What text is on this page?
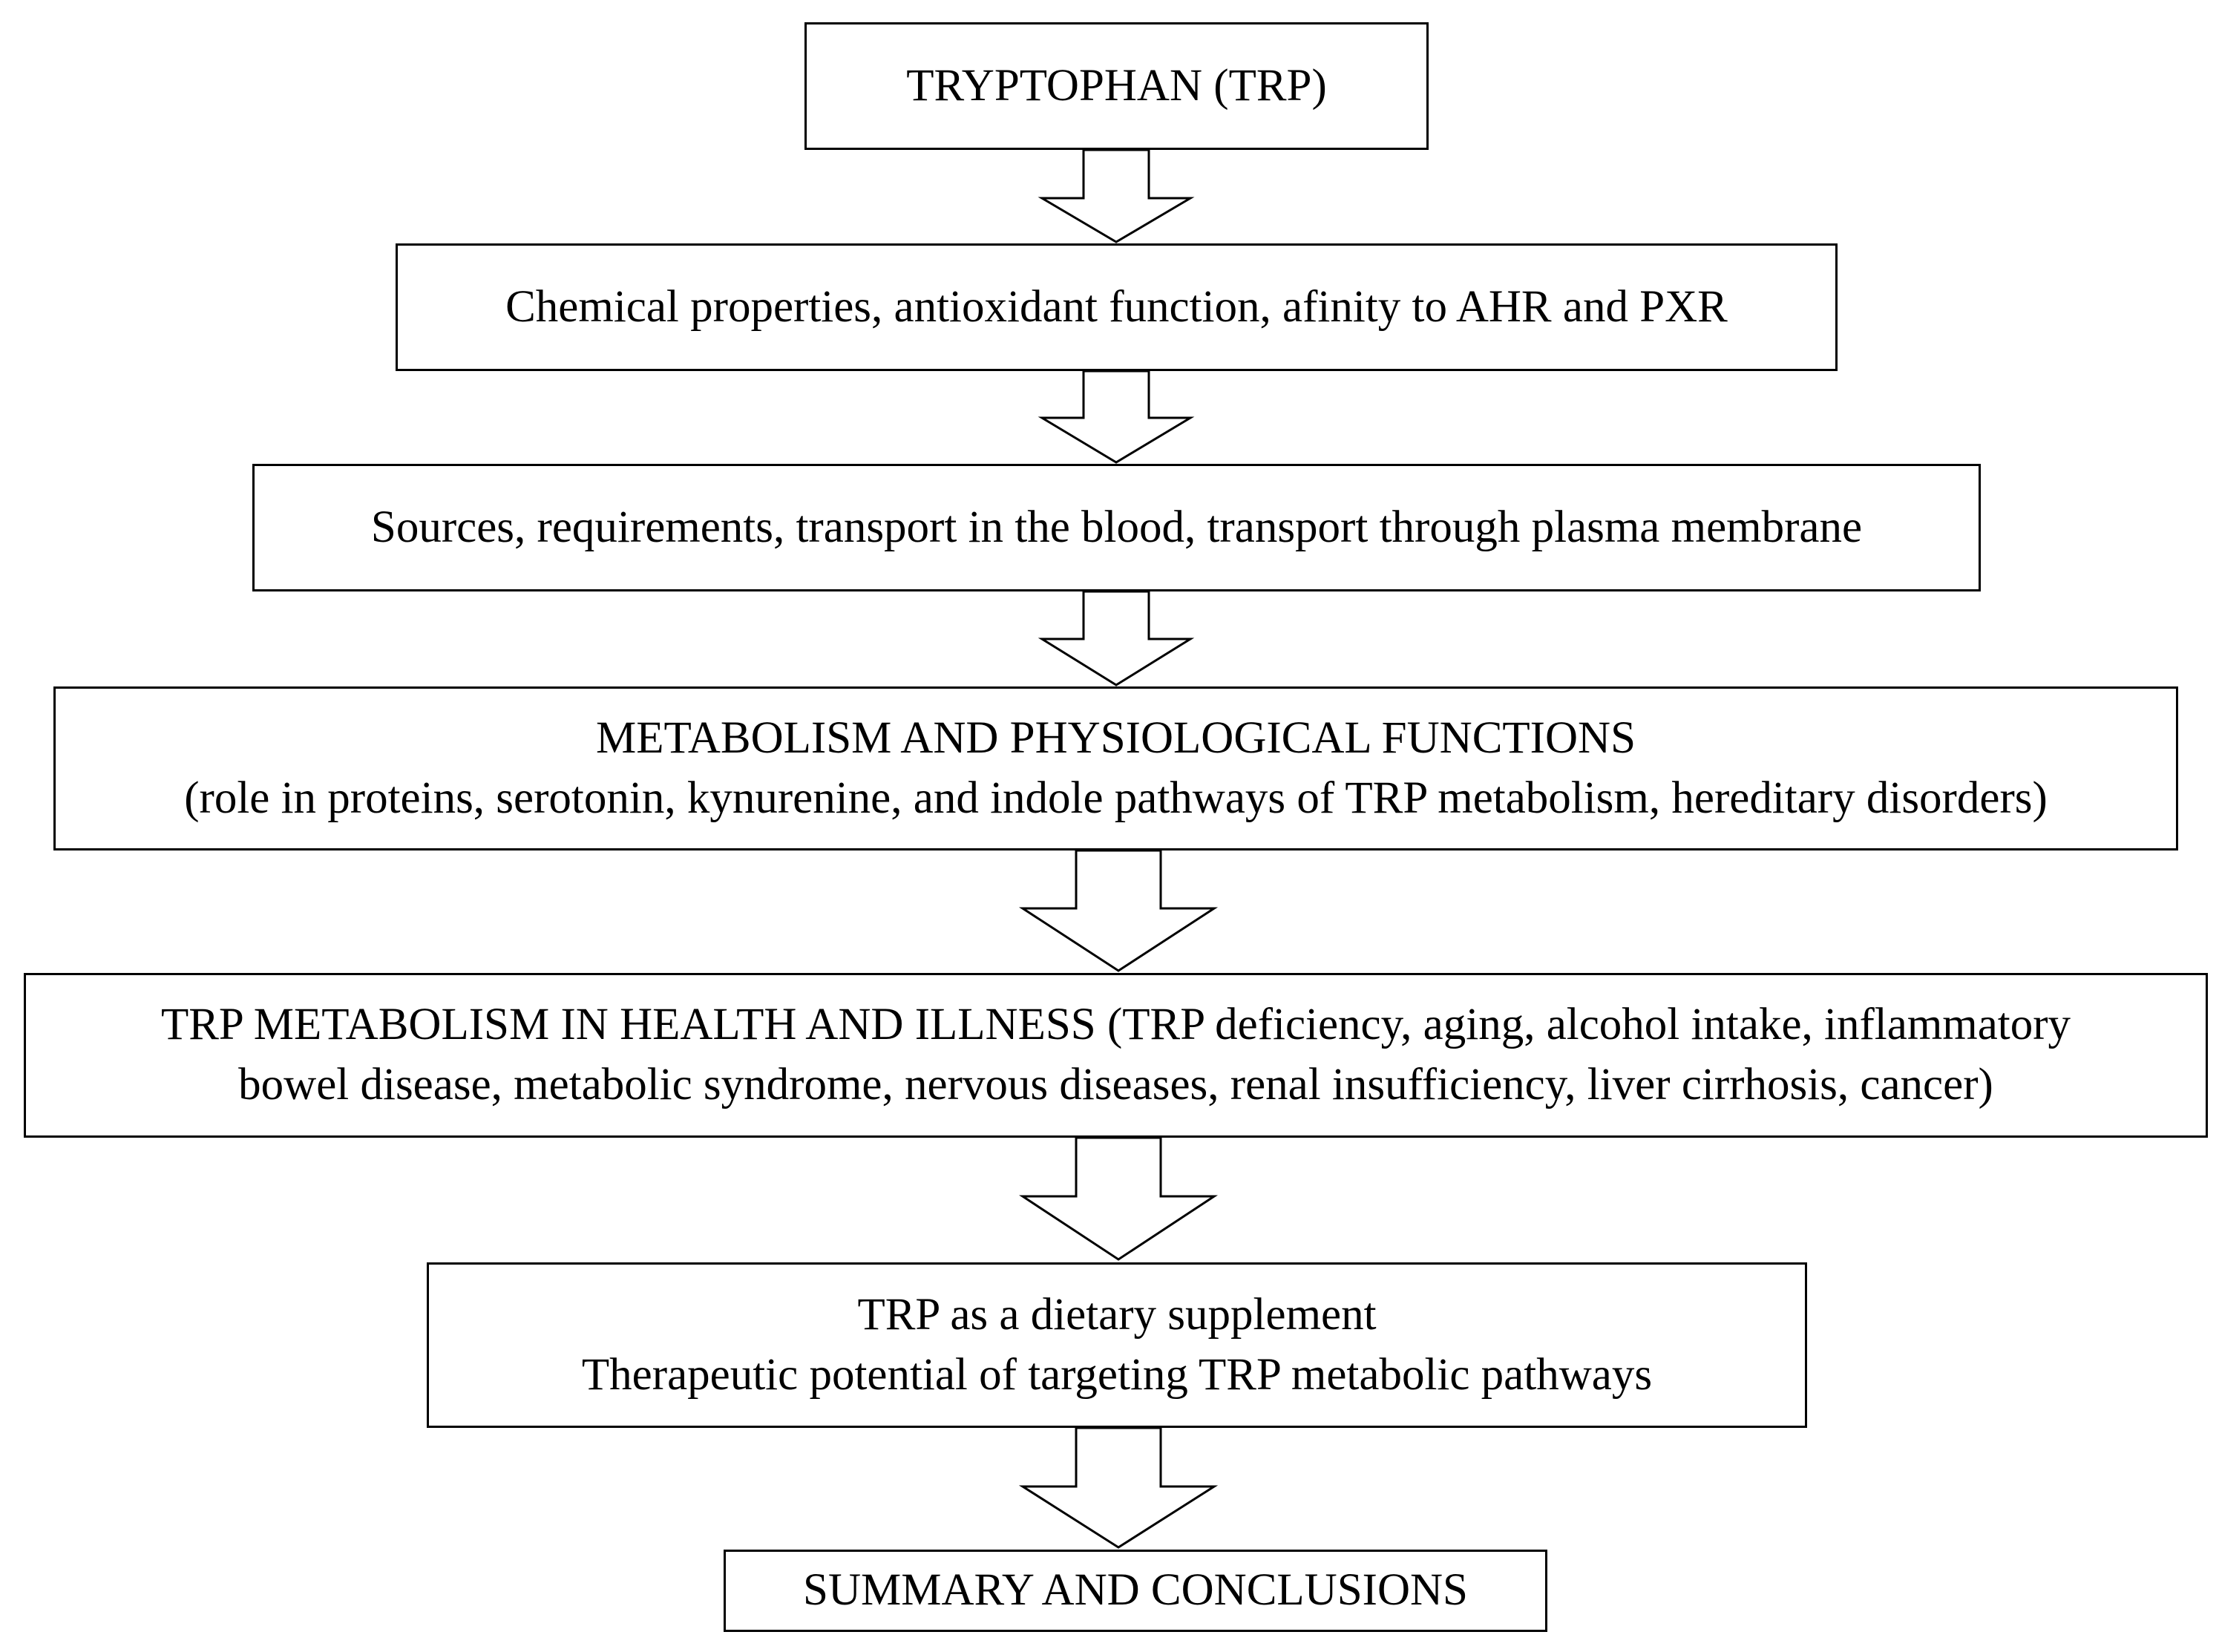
TRYPTOPHAN (TRP)
Chemical properties, antioxidant function, afinity to AHR and PXR
Sources, requirements, transport in the blood, transport through plasma membrane
METABOLISM AND PHYSIOLOGICAL FUNCTIONS
(role in proteins, serotonin, kynurenine, and indole pathways of TRP metabolism, hereditary disorders)
TRP METABOLISM IN HEALTH AND ILLNESS (TRP deficiency, aging, alcohol intake, inflammatory
bowel disease, metabolic syndrome, nervous diseases, renal insufficiency, liver cirrhosis, cancer)
TRP as a dietary supplement
Therapeutic potential of targeting TRP metabolic pathways
SUMMARY AND CONCLUSIONS
